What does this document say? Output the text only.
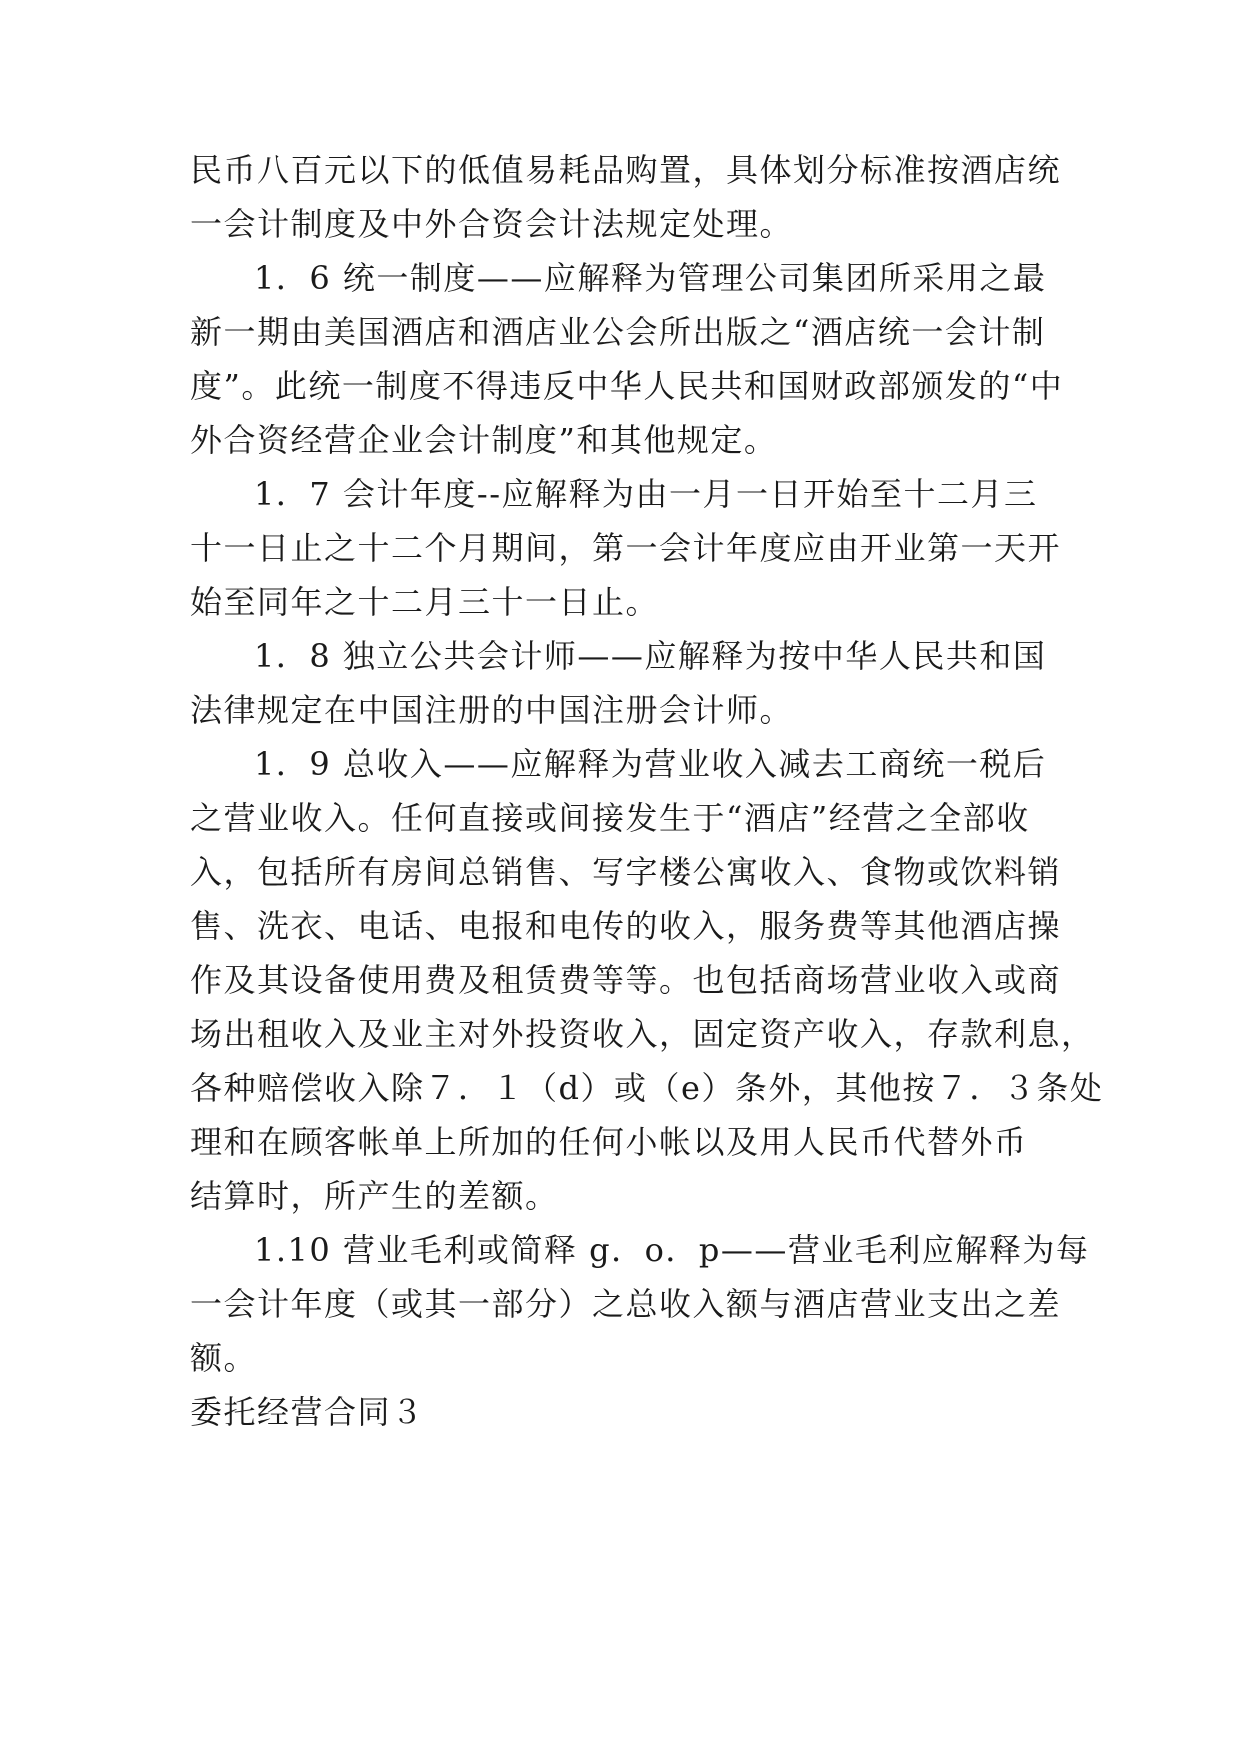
民币八百元以下的低值易耗品购置，具体划分标准按酒店统
一会计制度及中外合资会计法规定处理。
1．6 统一制度——应解释为管理公司集团所采用之最
新一期由美国酒店和酒店业公会所出版之“酒店统一会计制
度”。此统一制度不得违反中华人民共和国财政部颁发的“中
外合资经营企业会计制度”和其他规定。
1．7 会计年度--应解释为由一月一日开始至十二月三
十一日止之十二个月期间，第一会计年度应由开业第一天开
始至同年之十二月三十一日止。
1．8 独立公共会计师——应解释为按中华人民共和国
法律规定在中国注册的中国注册会计师。
1．9 总收入——应解释为营业收入减去工商统一税后
之营业收入。任何直接或间接发生于“酒店”经营之全部收
入，包括所有房间总销售、写字楼公寓收入、食物或饮料销
售、洗衣、电话、电报和电传的收入，服务费等其他酒店操
作及其设备使用费及租赁费等等。也包括商场营业收入或商
场出租收入及业主对外投资收入，固定资产收入，存款利息，
各种赔偿收入除７．１（d）或（e）条外，其他按７．３条处
理和在顾客帐单上所加的任何小帐以及用人民币代替外币
结算时，所产生的差额。
1.10 营业毛利或简释 g．o．p——营业毛利应解释为每
一会计年度（或其一部分）之总收入额与酒店营业支出之差
额。
委托经营合同３
